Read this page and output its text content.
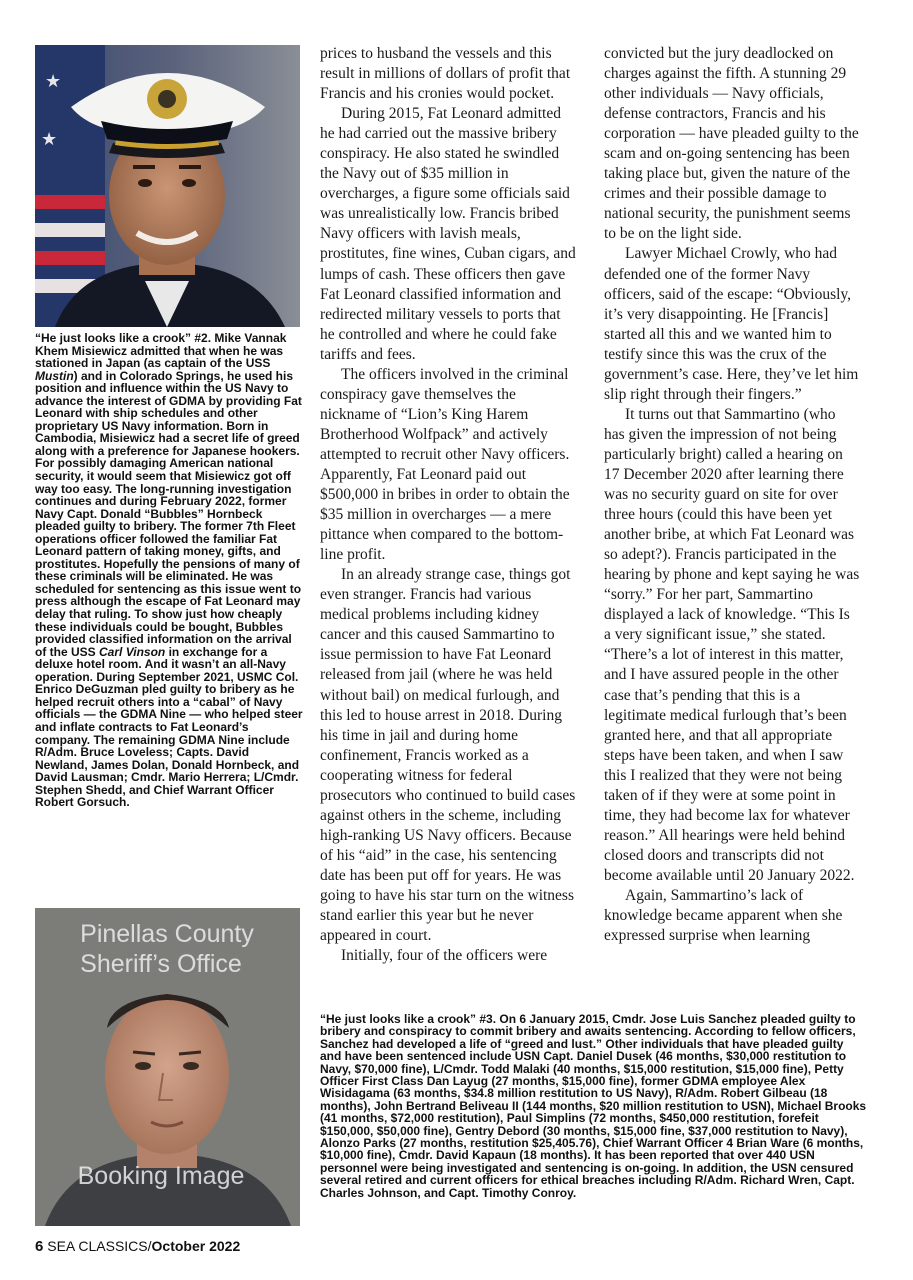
★
★

“He just looks like a crook” #2. Mike Vannak Khem Misiewicz admitted that when he was stationed in Japan (as captain of the USS Mustin) and in Colorado Springs, he used his position and influence within the US Navy to advance the interest of GDMA by providing Fat Leonard with ship schedules and other proprietary US Navy information. Born in Cambodia, Misiewicz had a secret life of greed along with a preference for Japanese hookers. For possibly damaging American national security, it would seem that Misiewicz got off way too easy. The long-running investigation continues and during February 2022, former Navy Capt. Donald “Bubbles” Hornbeck pleaded guilty to bribery. The former 7th Fleet operations officer followed the familiar Fat Leonard pattern of taking money, gifts, and prostitutes. Hopefully the pensions of many of these criminals will be eliminated. He was scheduled for sentencing as this issue went to press although the escape of Fat Leonard may delay that ruling. To show just how cheaply these individuals could be bought, Bubbles provided classified information on the arrival of the USS Carl Vinson in exchange for a deluxe hotel room. And it wasn’t an all-Navy operation. During September 2021, USMC Col. Enrico DeGuzman pled guilty to bribery as he helped recruit others into a “cabal” of Navy officials — the GDMA Nine — who helped steer and inflate contracts to Fat Leonard’s company. The remaining GDMA Nine include R/Adm. Bruce Loveless; Capts. David Newland, James Dolan, Donald Hornbeck, and David Lausman; Cmdr. Mario Herrera; L/Cmdr. Stephen Shedd, and Chief Warrant Officer Robert Gorsuch.

Pinellas County
Sheriff’s Office
Booking Image

prices to husband the vessels and this result in millions of dollars of profit that Francis and his cronies would pocket.

During 2015, Fat Leonard admitted he had carried out the massive bribery conspiracy. He also stated he swindled the Navy out of $35 million in overcharges, a figure some officials said was unrealistically low. Francis bribed Navy officers with lavish meals, prostitutes, fine wines, Cuban cigars, and lumps of cash. These officers then gave Fat Leonard classified information and redirected military vessels to ports that he controlled and where he could fake tariffs and fees.

The officers involved in the criminal conspiracy gave themselves the nickname of “Lion’s King Harem Brotherhood Wolfpack” and actively attempted to recruit other Navy officers. Apparently, Fat Leonard paid out $500,000 in bribes in order to obtain the $35 million in overcharges — a mere pittance when compared to the bottom-line profit.

In an already strange case, things got even stranger. Francis had various medical problems including kidney cancer and this caused Sammartino to issue permission to have Fat Leonard released from jail (where he was held without bail) on medical furlough, and this led to house arrest in 2018. During his time in jail and during home confinement, Francis worked as a cooperating witness for federal prosecutors who continued to build cases against others in the scheme, including high-ranking US Navy officers. Because of his “aid” in the case, his sentencing date has been put off for years. He was going to have his star turn on the witness stand earlier this year but he never appeared in court.

Initially, four of the officers were

convicted but the jury deadlocked on charges against the fifth. A stunning 29 other individuals — Navy officials, defense contractors, Francis and his corporation — have pleaded guilty to the scam and on-going sentencing has been taking place but, given the nature of the crimes and their possible damage to national security, the punishment seems to be on the light side.

Lawyer Michael Crowly, who had defended one of the former Navy officers, said of the escape: “Obviously, it’s very disappointing. He [Francis] started all this and we wanted him to testify since this was the crux of the government’s case. Here, they’ve let him slip right through their fingers.”

It turns out that Sammartino (who has given the impression of not being particularly bright) called a hearing on 17 December 2020 after learning there was no security guard on site for over three hours (could this have been yet another bribe, at which Fat Leonard was so adept?). Francis participated in the hearing by phone and kept saying he was “sorry.” For her part, Sammartino displayed a lack of knowledge. “This Is a very significant issue,” she stated. “There’s a lot of interest in this matter, and I have assured people in the other case that’s pending that this is a legitimate medical furlough that’s been granted here, and that all appropriate steps have been taken, and when I saw this I realized that they were not being taken of if they were at some point in time, they had become lax for whatever reason.” All hearings were held behind closed doors and transcripts did not become available until 20 January 2022.

Again, Sammartino’s lack of knowledge became apparent when she expressed surprise when learning

“He just looks like a crook” #3. On 6 January 2015, Cmdr. Jose Luis Sanchez pleaded guilty to bribery and conspiracy to commit bribery and awaits sentencing. According to fellow officers, Sanchez had developed a life of “greed and lust.” Other individuals that have pleaded guilty and have been sentenced include USN Capt. Daniel Dusek (46 months, $30,000 restitution to Navy, $70,000 fine), L/Cmdr. Todd Malaki (40 months, $15,000 restitution, $15,000 fine), Petty Officer First Class Dan Layug (27 months, $15,000 fine), former GDMA employee Alex Wisidagama (63 months, $34.8 million restitution to US Navy), R/Adm. Robert Gilbeau (18 months), John Bertrand Beliveau II (144 months, $20 million restitution to USN), Michael Brooks (41 months, $72,000 restitution), Paul Simplins (72 months, $450,000 restitution, forefeit $150,000, $50,000 fine), Gentry Debord (30 months, $15,000 fine, $37,000 restitution to Navy), Alonzo Parks (27 months, restitution $25,405.76), Chief Warrant Officer 4 Brian Ware (6 months, $10,000 fine), Cmdr. David Kapaun (18 months). It has been reported that over 440 USN personnel were being investigated and sentencing is on-going. In addition, the USN censured several retired and current officers for ethical breaches including R/Adm. Richard Wren, Capt. Charles Johnson, and Capt. Timothy Conroy.

6 SEA CLASSICS/October 2022
